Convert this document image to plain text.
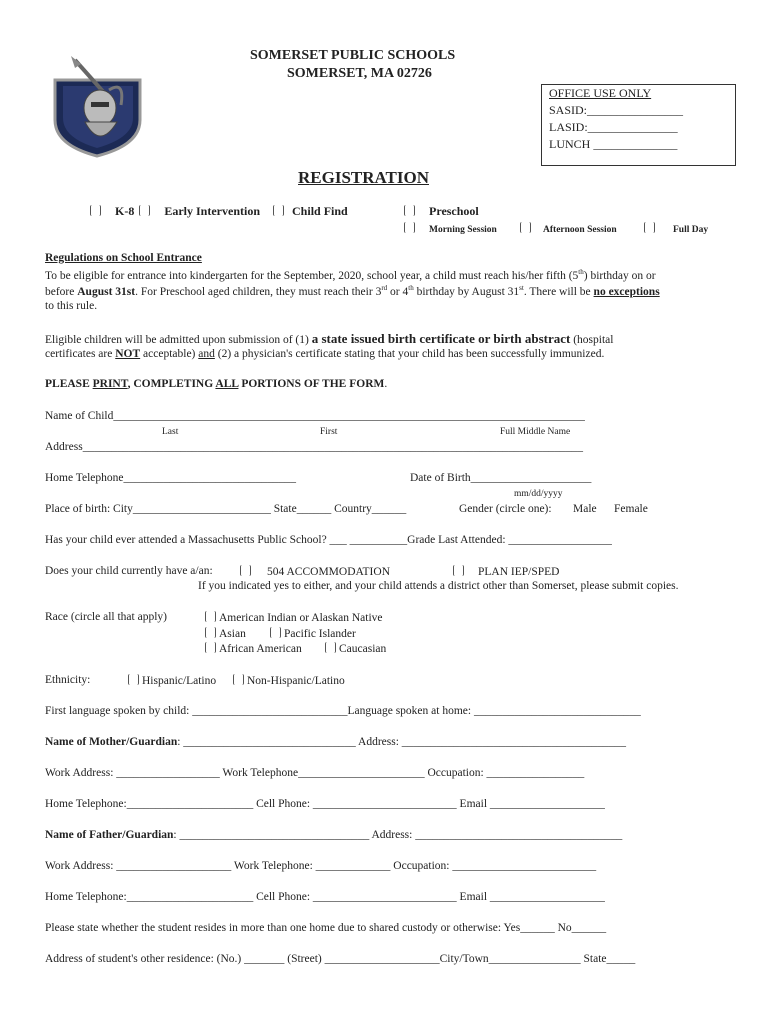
SOMERSET PUBLIC SCHOOLS
SOMERSET, MA 02726
OFFICE USE ONLY
SASID:________________
LASID:_______________
LUNCH ______________
REGISTRATION
K-8	Early Intervention	Child Find	Preschool
Morning Session	Afternoon Session	Full Day
Regulations on School Entrance
To be eligible for entrance into kindergarten for the September, 2020, school year, a child must reach his/her fifth (5th) birthday on or
before August 31st. For Preschool aged children, they must reach their 3rd or 4th birthday by August 31st. There will be no exceptions
to this rule.
Eligible children will be admitted upon submission of (1) a state issued birth certificate or birth abstract (hospital
certificates are NOT acceptable) and (2) a physician's certificate stating that your child has been successfully immunized.
PLEASE PRINT, COMPLETING ALL PORTIONS OF THE FORM.
Name of Child__________________________________________________________________________________
Last	First	Full Middle Name
Address_______________________________________________________________________________________
Home Telephone______________________________	Date of Birth_____________________
mm/dd/yyyy
Place of birth: City________________________ State______ Country______	Gender (circle one): Male Female
Has your child ever attended a Massachusetts Public School? ___ __________Grade Last Attended: __________________
Does your child currently have a/an:	504 ACCOMMODATION	PLAN IEP/SPED
If you indicated yes to either, and your child attends a district other than Somerset, please submit copies.
Race (circle all that apply)	American Indian or Alaskan Native
Asian	Pacific Islander
African American	Caucasian
Ethnicity:	Hispanic/Latino	Non-Hispanic/Latino
First language spoken by child: ___________________________Language spoken at home: _____________________________
Name of Mother/Guardian: ______________________________ Address: _______________________________________
Work Address: __________________ Work Telephone______________________ Occupation: _________________
Home Telephone:______________________ Cell Phone: _________________________ Email ____________________
Name of Father/Guardian: _________________________________ Address: ____________________________________
Work Address: ____________________ Work Telephone: _____________ Occupation: _________________________
Home Telephone:______________________ Cell Phone: _________________________ Email ____________________
Please state whether the student resides in more than one home due to shared custody or otherwise: Yes______ No______
Address of student's other residence: (No.) _______ (Street) ____________________City/Town________________ State_____
